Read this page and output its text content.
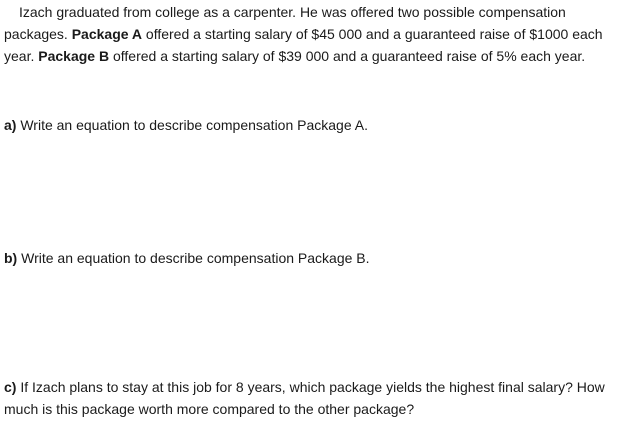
Izach graduated from college as a carpenter. He was offered two possible compensation packages. Package A offered a starting salary of $45 000 and a guaranteed raise of $1000 each year. Package B offered a starting salary of $39 000 and a guaranteed raise of 5% each year.

a) Write an equation to describe compensation Package A.

b) Write an equation to describe compensation Package B.

c) If Izach plans to stay at this job for 8 years, which package yields the highest final salary? How much is this package worth more compared to the other package?
